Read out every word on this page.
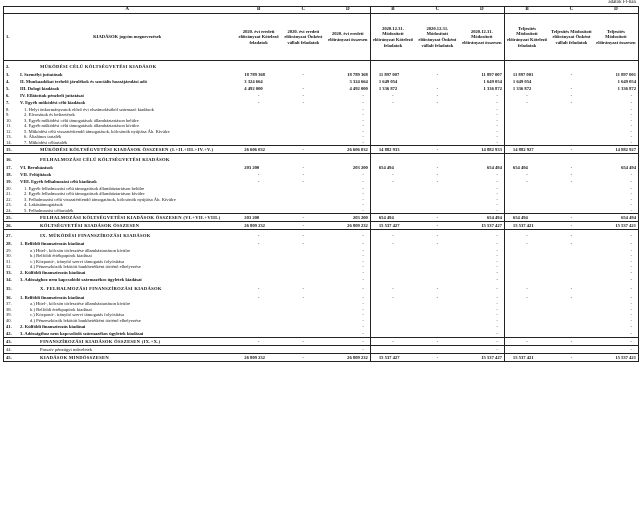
adatok Ft-ban
	A	B	C	D	B	C	D	B	C	D
1.	KIADÁSOK jogcím megnevezések	2020. évi eredeti előirányzat Kötelező feladatok	2020. évi eredeti előirányzat Önként vállalt feladatok	2020. évi eredeti előirányzat összesen	2020.12.31. Módosított előirányzat Kötelező feladatok	2020.12.31. Módosított előirányzat Önként vállalt feladatok	2020.12.31. Módosított előirányzat összesen	Teljesítés Módosított előirányzat Kötelező feladatok	Teljesítés Módosított előirányzat Önként vállalt feladatok	Teljesítés Módosított előirányzat összesen
2.	MŰKÖDÉSI CÉLÚ KÖLTSÉGVETÉSI KIADÁSOK									
3.	I. Személyi juttatások	18 789 368	-	18 789 368	11 897 007	-	11 897 007	11 897 001	-	11 897 001
4.	II. Munkaadókat terhelő járulékok és szociális hozzájárulási adó	3 324 664		3 324 664	1 649 054		1 649 054	1 649 054		1 649 054
5.	III. Dologi kiadások	4 492 000	-	4 492 000	1 336 872	-	1 336 872	1 336 872	-	1 336 872
6.	IV. Ellátottak pénzbeli juttatásai	-	-	-	-	-	-	-	-	-
7.	V. Egyéb működési célú kiadások	-	-	-	-	-	-	-	-	-
8.	1. Helyi önkormányzatok előző évi elszámolásából származó kiadások			-			-			-
9.	2. Elvonások és befizetések			-			-			-
10.	3. Egyéb működési célú támogatások államháztartáson belülre			-			-			-
11.	4. Egyéb működési célú támogatások államháztartáson kívülre			-			-			-
12.	5. Működési célú visszatérítendő támogatások, kölcsönök nyújtása Áh. Kívülre			-			-			-
13.	6. Általános tartalék			-			-			-
14.	7. Működési céltartalék			-			-			-
15.	MŰKÖDÉSI KÖLTSÉGVETÉSI KIADÁSOK ÖSSZESEN (I.+II.+III.+IV.+V.)	26 606 032	-	26 606 032	14 882 933	-	14 882 933	14 882 927	-	14 882 927
16.	FELHALMOZÁSI CÉLÚ KÖLTSÉGVETÉSI KIADÁSOK									
17.	VI. Beruházások	203 200	-	203 200	654 494	-	654 494	654 494	-	654 494
18.	VII. Felújítások	-	-	-	-	-	-	-	-	-
19.	VIII. Egyéb felhalmozási célú kiadások	-	-	-	-	-	-	-	-	-
20.	1. Egyéb felhalmozási célú támogatások államháztartáson belülre			-			-			-
21.	2. Egyéb felhalmozási célú támogatások államháztartáson kívülre			-			-			-
22.	3. Felhalmozási célú visszatérítendő támogatások, kölcsönök nyújtása Áh. Kívülre			-			-			-
23.	4. Lakástámogatások			-			-			-
24.	5. Felhalmozási céltartalék			-			-			-
25.	FELHALMOZÁSI KÖLTSÉGVETÉSI KIADÁSOK ÖSSZESEN (VI.+VII.+VIII.)	203 200	-	203 200	654 494	-	654 494	654 494	-	654 494
26.	KÖLTSÉGVETÉSI KIADÁSOK ÖSSZESEN	26 809 232	-	26 809 232	15 537 427	-	15 537 427	15 537 421	-	15 537 421
27.	IX. MŰKÖDÉSI FINANSZÍROZÁSI KIADÁSOK	-	-	-	-	-	-	-	-	-
28.	1. Belföldi finanszírozás kiadásai	-	-	-	-	-	-	-	-	-
29.	a.) Hitel-, kölcsön törlesztése államháztartáson kívülre			-			-			-
30.	b.) Belföldi értékpapírok kiadásai			-			-			-
31.	c.) Központi-, irányító szervi támogatás folyósítása			-			-			-
32.	d.) Pénzeszközök lekötött bankbetétként történő elhelyezése			-			-			-
33.	2. Külföldi finanszírozás kiadásai			-			-			-
34.	3. Adóssághoz nem kapcsolódó származékos ügyletek kiadásai			-			-			-
35.	X. FELHALMOZÁSI FINANSZÍROZÁSI KIADÁSOK	-	-	-	-	-	-	-	-	-
36.	1. Belföldi finanszírozás kiadásai	-	-	-	-	-	-	-	-	-
37.	a.) Hitel-, kölcsön törlesztése államháztartáson kívülre			-			-			-
38.	b.) Belföldi értékpapírok kiadásai			-			-			-
39.	c.) Központi-, irányító szervi támogatás folyósítása			-			-			-
40.	d.) Pénzeszközök lekötött bankbetétként történő elhelyezése			-			-			-
41.	2. Külföldi finanszírozás kiadásai			-			-			-
42.	3. Adósságthoz nem kapcsolódó származékos ügyletek kiadásai			-			-			-
43.	FINANSZÍROZÁSI KIADÁSOK ÖSSZESEN (IX.+X.)	-	-	-	-	-	-	-	-	-
44.	Passzív pénzügyi műveletek			-			-			-
45.	KIADÁSOK MINDÖSSZESEN	26 809 232	-	26 809 232	15 537 427	-	15 537 427	15 537 421	-	15 537 421
